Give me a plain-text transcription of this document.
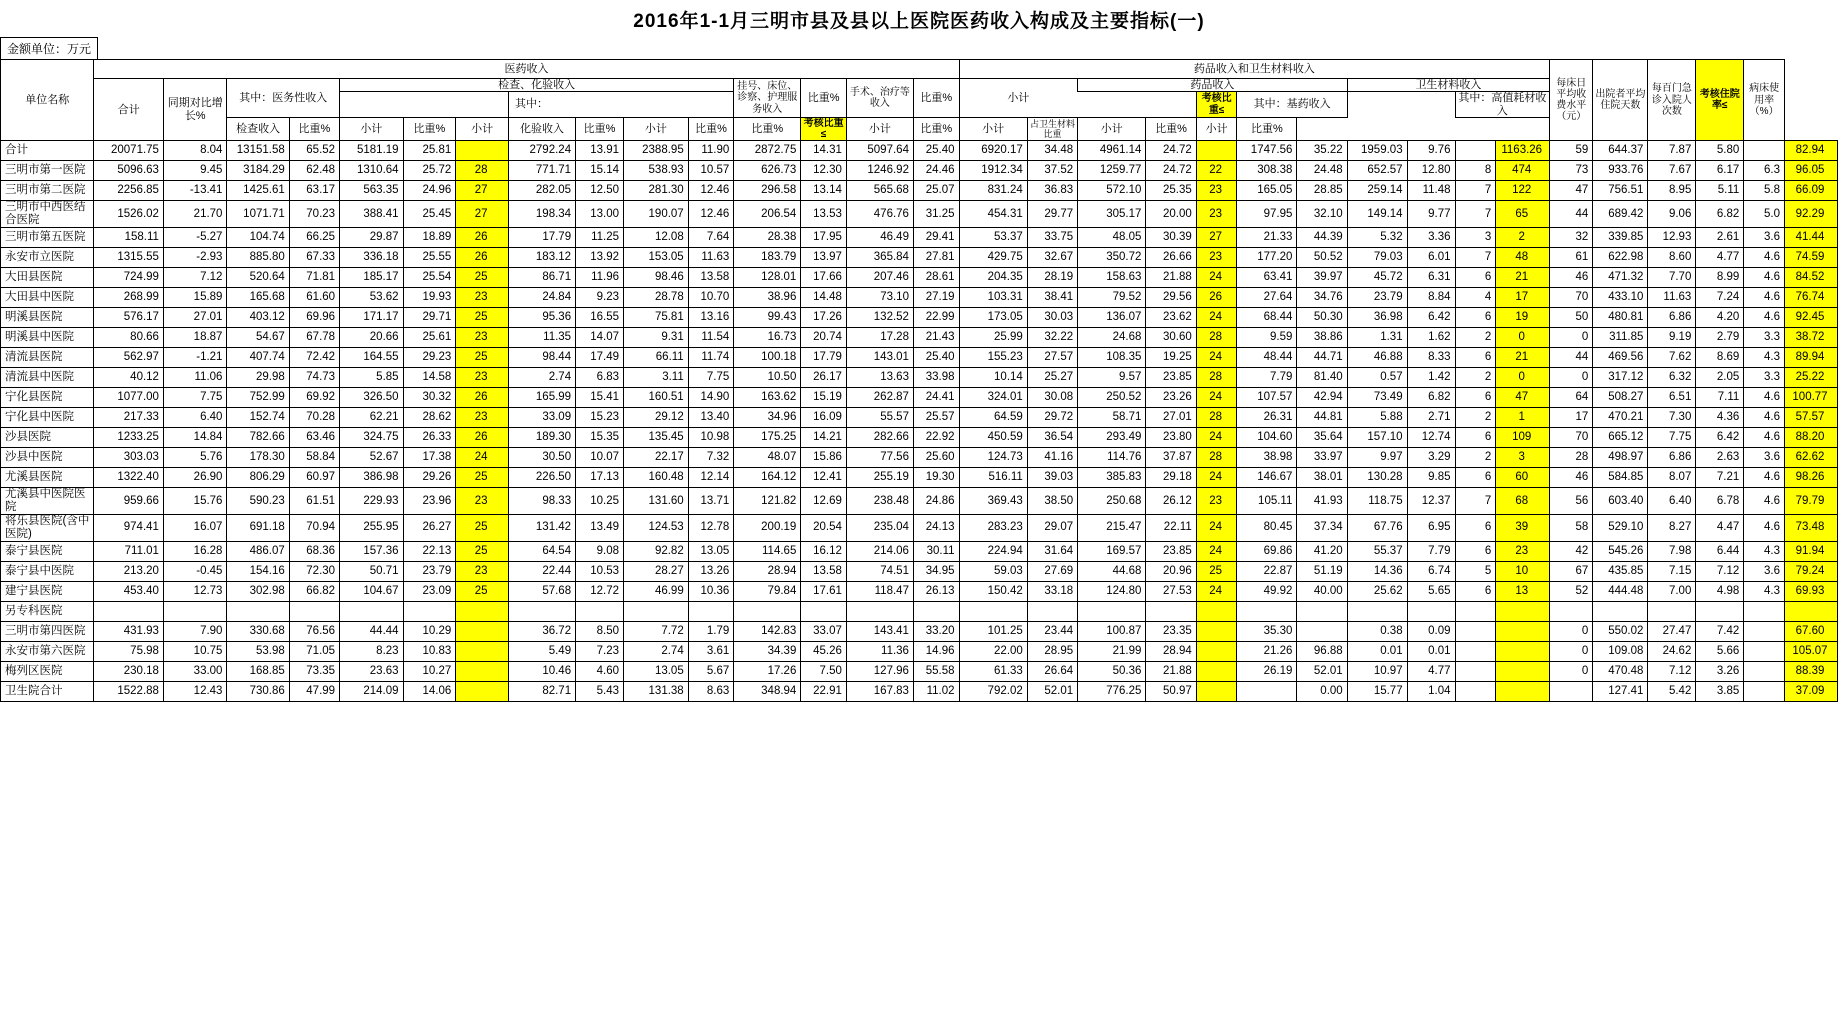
2016年1-1月三明市县及县以上医院医药收入构成及主要指标(一)
金额单位：万元
单位名称	医药收入															药品收入和卫生材料收入											每床日平均收费水平（元）	出院者平均住院天数	每百门急诊入院人次数	考核住院率≤	病床使用率（%）	
	合计	同期对比增长%	其中：医务性收入		检查、化验收入							挂号、床位、诊察、护理服务收入	比重%	手术、治疗等收入	比重%	小计		药品收入					卫生材料收入									
								其中：												考核比重≤	其中：基药收入				其中：高值耗材收入							
			检查收入	比重%				化验收入	比重%	小计	比重%					小计	占卫生材料比重															
					小计	比重%	小计					比重%	考核比重≤	小计	比重%			小计	比重%	小计	比重%											
合计	20071.75	8.04	13151.58	65.52	5181.19	25.81		2792.24	13.91	2388.95	11.90	2872.75	14.31	5097.64	25.40	6920.17	34.48	4961.14	24.72		1747.56	35.22	1959.03	9.76		1163.26	59	644.37	7.87	5.80		82.94
三明市第一医院	5096.63	9.45	3184.29	62.48	1310.64	25.72	28	771.71	15.14	538.93	10.57	626.73	12.30	1246.92	24.46	1912.34	37.52	1259.77	24.72	22	308.38	24.48	652.57	12.80	8	474	73	933.76	7.67	6.17	6.3	96.05
三明市第二医院	2256.85	-13.41	1425.61	63.17	563.35	24.96	27	282.05	12.50	281.30	12.46	296.58	13.14	565.68	25.07	831.24	36.83	572.10	25.35	23	165.05	28.85	259.14	11.48	7	122	47	756.51	8.95	5.11	5.8	66.09
三明市中西医结合医院	1526.02	21.70	1071.71	70.23	388.41	25.45	27	198.34	13.00	190.07	12.46	206.54	13.53	476.76	31.25	454.31	29.77	305.17	20.00	23	97.95	32.10	149.14	9.77	7	65	44	689.42	9.06	6.82	5.0	92.29
三明市第五医院	158.11	-5.27	104.74	66.25	29.87	18.89	26	17.79	11.25	12.08	7.64	28.38	17.95	46.49	29.41	53.37	33.75	48.05	30.39	27	21.33	44.39	5.32	3.36	3	2	32	339.85	12.93	2.61	3.6	41.44
永安市立医院	1315.55	-2.93	885.80	67.33	336.18	25.55	26	183.12	13.92	153.05	11.63	183.79	13.97	365.84	27.81	429.75	32.67	350.72	26.66	23	177.20	50.52	79.03	6.01	7	48	61	622.98	8.60	4.77	4.6	74.59
大田县医院	724.99	7.12	520.64	71.81	185.17	25.54	25	86.71	11.96	98.46	13.58	128.01	17.66	207.46	28.61	204.35	28.19	158.63	21.88	24	63.41	39.97	45.72	6.31	6	21	46	471.32	7.70	8.99	4.6	84.52
大田县中医院	268.99	15.89	165.68	61.60	53.62	19.93	23	24.84	9.23	28.78	10.70	38.96	14.48	73.10	27.19	103.31	38.41	79.52	29.56	26	27.64	34.76	23.79	8.84	4	17	70	433.10	11.63	7.24	4.6	76.74
明溪县医院	576.17	27.01	403.12	69.96	171.17	29.71	25	95.36	16.55	75.81	13.16	99.43	17.26	132.52	22.99	173.05	30.03	136.07	23.62	24	68.44	50.30	36.98	6.42	6	19	50	480.81	6.86	4.20	4.6	92.45
明溪县中医院	80.66	18.87	54.67	67.78	20.66	25.61	23	11.35	14.07	9.31	11.54	16.73	20.74	17.28	21.43	25.99	32.22	24.68	30.60	28	9.59	38.86	1.31	1.62	2	0	0	311.85	9.19	2.79	3.3	38.72
清流县医院	562.97	-1.21	407.74	72.42	164.55	29.23	25	98.44	17.49	66.11	11.74	100.18	17.79	143.01	25.40	155.23	27.57	108.35	19.25	24	48.44	44.71	46.88	8.33	6	21	44	469.56	7.62	8.69	4.3	89.94
清流县中医院	40.12	11.06	29.98	74.73	5.85	14.58	23	2.74	6.83	3.11	7.75	10.50	26.17	13.63	33.98	10.14	25.27	9.57	23.85	28	7.79	81.40	0.57	1.42	2	0	0	317.12	6.32	2.05	3.3	25.22
宁化县医院	1077.00	7.75	752.99	69.92	326.50	30.32	26	165.99	15.41	160.51	14.90	163.62	15.19	262.87	24.41	324.01	30.08	250.52	23.26	24	107.57	42.94	73.49	6.82	6	47	64	508.27	6.51	7.11	4.6	100.77
宁化县中医院	217.33	6.40	152.74	70.28	62.21	28.62	23	33.09	15.23	29.12	13.40	34.96	16.09	55.57	25.57	64.59	29.72	58.71	27.01	28	26.31	44.81	5.88	2.71	2	1	17	470.21	7.30	4.36	4.6	57.57
沙县医院	1233.25	14.84	782.66	63.46	324.75	26.33	26	189.30	15.35	135.45	10.98	175.25	14.21	282.66	22.92	450.59	36.54	293.49	23.80	24	104.60	35.64	157.10	12.74	6	109	70	665.12	7.75	6.42	4.6	88.20
沙县中医院	303.03	5.76	178.30	58.84	52.67	17.38	24	30.50	10.07	22.17	7.32	48.07	15.86	77.56	25.60	124.73	41.16	114.76	37.87	28	38.98	33.97	9.97	3.29	2	3	28	498.97	6.86	2.63	3.6	62.62
尤溪县医院	1322.40	26.90	806.29	60.97	386.98	29.26	25	226.50	17.13	160.48	12.14	164.12	12.41	255.19	19.30	516.11	39.03	385.83	29.18	24	146.67	38.01	130.28	9.85	6	60	46	584.85	8.07	7.21	4.6	98.26
尤溪县中医院医院	959.66	15.76	590.23	61.51	229.93	23.96	23	98.33	10.25	131.60	13.71	121.82	12.69	238.48	24.86	369.43	38.50	250.68	26.12	23	105.11	41.93	118.75	12.37	7	68	56	603.40	6.40	6.78	4.6	79.79
将乐县医院(含中医院)	974.41	16.07	691.18	70.94	255.95	26.27	25	131.42	13.49	124.53	12.78	200.19	20.54	235.04	24.13	283.23	29.07	215.47	22.11	24	80.45	37.34	67.76	6.95	6	39	58	529.10	8.27	4.47	4.6	73.48
泰宁县医院	711.01	16.28	486.07	68.36	157.36	22.13	25	64.54	9.08	92.82	13.05	114.65	16.12	214.06	30.11	224.94	31.64	169.57	23.85	24	69.86	41.20	55.37	7.79	6	23	42	545.26	7.98	6.44	4.3	91.94
泰宁县中医院	213.20	-0.45	154.16	72.30	50.71	23.79	23	22.44	10.53	28.27	13.26	28.94	13.58	74.51	34.95	59.03	27.69	44.68	20.96	25	22.87	51.19	14.36	6.74	5	10	67	435.85	7.15	7.12	3.6	79.24
建宁县医院	453.40	12.73	302.98	66.82	104.67	23.09	25	57.68	12.72	46.99	10.36	79.84	17.61	118.47	26.13	150.42	33.18	124.80	27.53	24	49.92	40.00	25.62	5.65	6	13	52	444.48	7.00	4.98	4.3	69.93
另专科医院																																
三明市第四医院	431.93	7.90	330.68	76.56	44.44	10.29		36.72	8.50	7.72	1.79	142.83	33.07	143.41	33.20	101.25	23.44	100.87	23.35		35.30		0.38	0.09			0	550.02	27.47	7.42		67.60
永安市第六医院	75.98	10.75	53.98	71.05	8.23	10.83		5.49	7.23	2.74	3.61	34.39	45.26	11.36	14.96	22.00	28.95	21.99	28.94		21.26	96.88	0.01	0.01			0	109.08	24.62	5.66		105.07
梅列区医院	230.18	33.00	168.85	73.35	23.63	10.27		10.46	4.60	13.05	5.67	17.26	7.50	127.96	55.58	61.33	26.64	50.36	21.88		26.19	52.01	10.97	4.77			0	470.48	7.12	3.26		88.39
卫生院合计	1522.88	12.43	730.86	47.99	214.09	14.06		82.71	5.43	131.38	8.63	348.94	22.91	167.83	11.02	792.02	52.01	776.25	50.97			0.00	15.77	1.04				127.41	5.42	3.85		37.09
